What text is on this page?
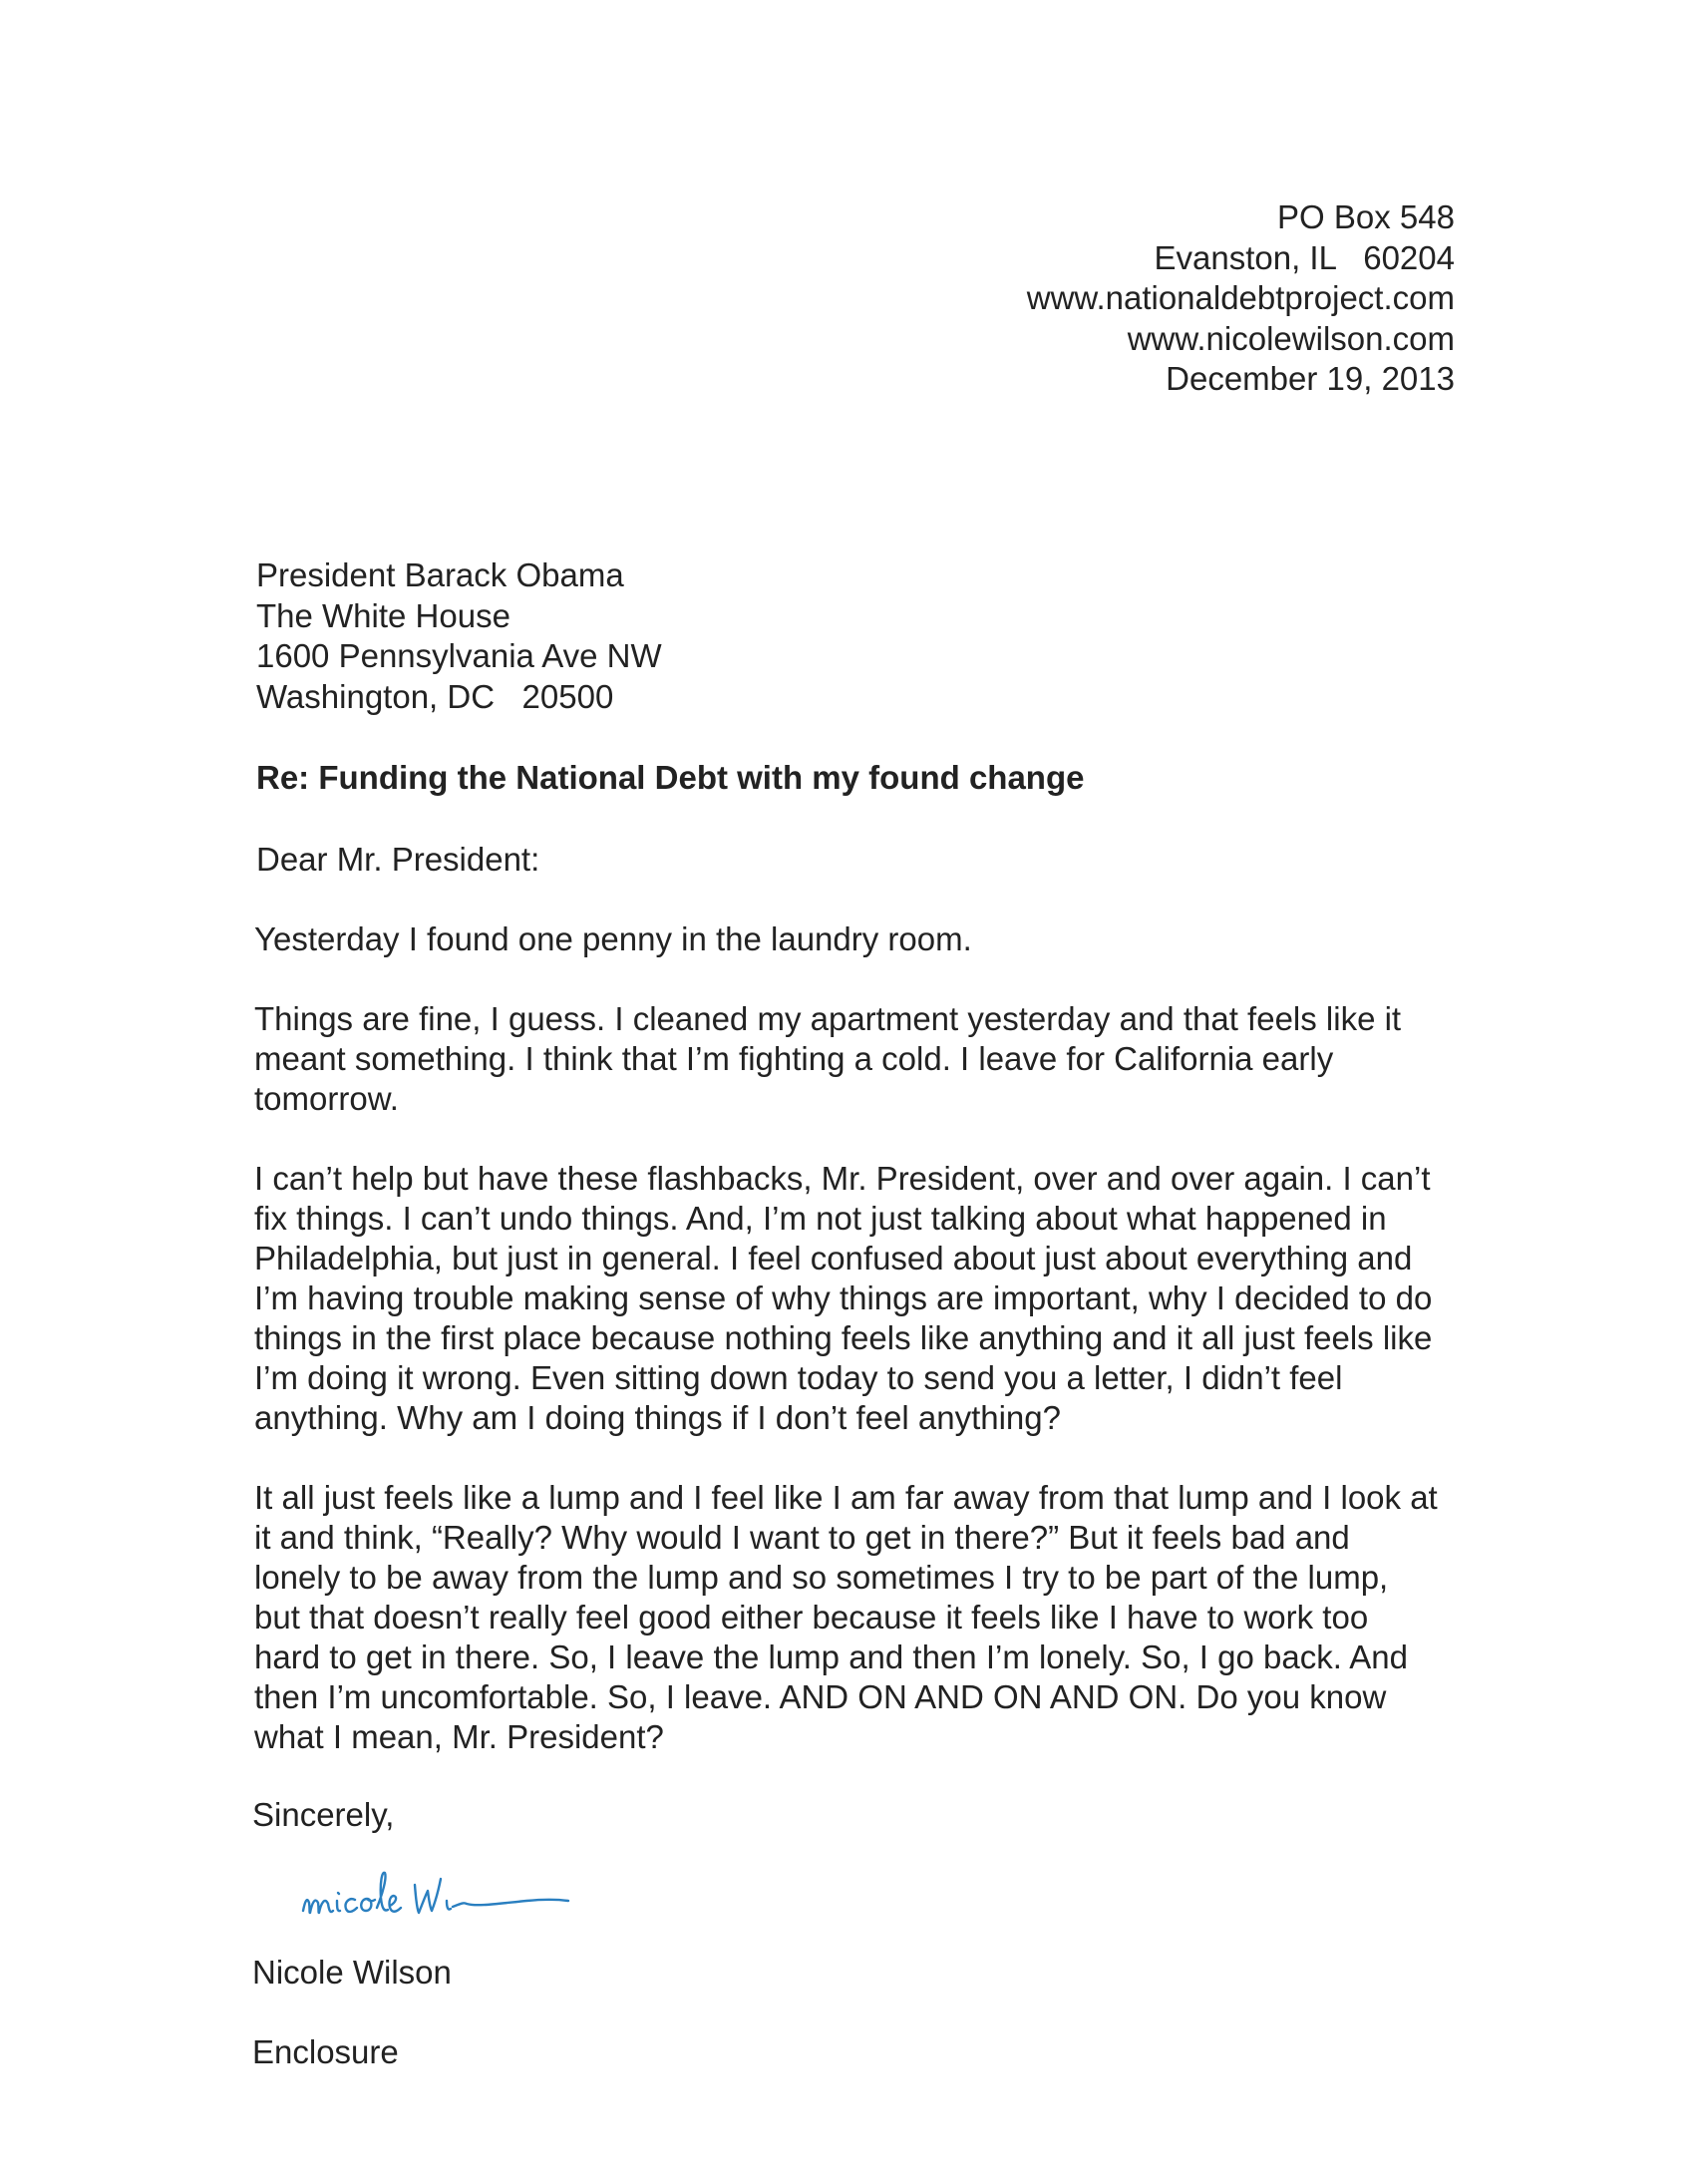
PO Box 548
Evanston, IL   60204
www.nationaldebtproject.com
www.nicolewilson.com
December 19, 2013
President Barack Obama
The White House
1600 Pennsylvania Ave NW
Washington, DC   20500
Re: Funding the National Debt with my found change
Dear Mr. President:
Yesterday I found one penny in the laundry room.
Things are fine, I guess. I cleaned my apartment yesterday and that feels like it
meant something. I think that I’m fighting a cold. I leave for California early
tomorrow.
I can’t help but have these flashbacks, Mr. President, over and over again. I can’t
fix things. I can’t undo things. And, I’m not just talking about what happened in
Philadelphia, but just in general. I feel confused about just about everything and
I’m having trouble making sense of why things are important, why I decided to do
things in the first place because nothing feels like anything and it all just feels like
I’m doing it wrong. Even sitting down today to send you a letter, I didn’t feel
anything. Why am I doing things if I don’t feel anything?
It all just feels like a lump and I feel like I am far away from that lump and I look at
it and think, “Really? Why would I want to get in there?” But it feels bad and
lonely to be away from the lump and so sometimes I try to be part of the lump,
but that doesn’t really feel good either because it feels like I have to work too
hard to get in there. So, I leave the lump and then I’m lonely. So, I go back. And
then I’m uncomfortable. So, I leave. AND ON AND ON AND ON. Do you know
what I mean, Mr. President?
Sincerely,
Nicole Wilson
Enclosure
